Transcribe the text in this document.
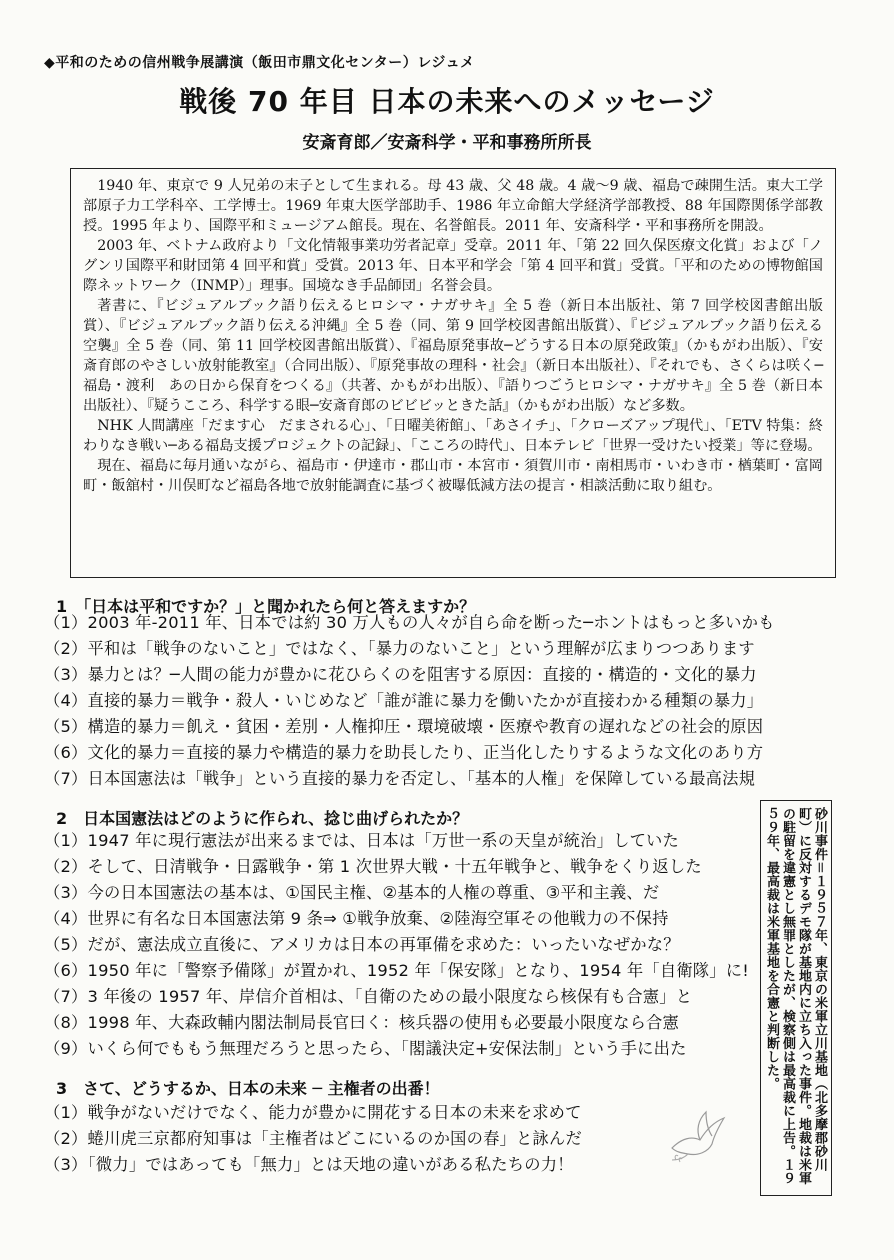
◆平和のための信州戦争展講演（飯田市鼎文化センター）レジュメ
戦後 70 年目 日本の未来へのメッセージ
安斎育郎／安斎科学・平和事務所所長

1940 年、東京で 9 人兄弟の末子として生まれる。母 43 歳、父 48 歳。4 歳〜9 歳、福島で疎開生活。東大工学部原子力工学科卒、工学博士。1969 年東大医学部助手、1986 年立命館大学経済学部教授、88 年国際関係学部教授。1995 年より、国際平和ミュージアム館長。現在、名誉館長。2011 年、安斎科学・平和事務所を開設。

2003 年、ベトナム政府より「文化情報事業功労者記章」受章。2011 年、「第 22 回久保医療文化賞」および「ノグンリ国際平和財団第 4 回平和賞」受賞。2013 年、日本平和学会「第 4 回平和賞」受賞。「平和のための博物館国際ネットワーク（INMP）」理事。国境なき手品師団」名誉会員。

著書に、『ビジュアルブック語り伝えるヒロシマ・ナガサキ』全 5 巻（新日本出版社、第 7 回学校図書館出版賞）、『ビジュアルブック語り伝える沖縄』全 5 巻（同、第 9 回学校図書館出版賞）、『ビジュアルブック語り伝える空襲』全 5 巻（同、第 11 回学校図書館出版賞）、『福島原発事故─どうする日本の原発政策』（かもがわ出版）、『安斎育郎のやさしい放射能教室』（合同出版）、『原発事故の理科・社会』（新日本出版社）、『それでも、さくらは咲く─福島・渡利　あの日から保育をつくる』（共著、かもがわ出版）、『語りつごうヒロシマ・ナガサキ』全 5 巻（新日本出版社）、『疑うこころ、科学する眼─安斎育郎のビビビッときた話』（かもがわ出版）など多数。

NHK 人間講座「だます心　だまされる心」、「日曜美術館」、「あさイチ」、「クローズアップ現代」、「ETV 特集：終わりなき戦い─ある福島支援プロジェクトの記録」、「こころの時代」、日本テレビ「世界一受けたい授業」等に登場。

現在、福島に毎月通いながら、福島市・伊達市・郡山市・本宮市・須賀川市・南相馬市・いわき市・楢葉町・富岡町・飯舘村・川俣町など福島各地で放射能調査に基づく被曝低減方法の提言・相談活動に取り組む。

1　「日本は平和ですか？」と聞かれたら何と答えますか？
（1）2003 年-2011 年、日本では約 30 万人もの人々が自ら命を断った─ホントはもっと多いかも
（2）平和は「戦争のないこと」ではなく、「暴力のないこと」という理解が広まりつつあります
（3）暴力とは？─人間の能力が豊かに花ひらくのを阻害する原因：直接的・構造的・文化的暴力
（4）直接的暴力＝戦争・殺人・いじめなど「誰が誰に暴力を働いたかが直接わかる種類の暴力」
（5）構造的暴力＝飢え・貧困・差別・人権抑圧・環境破壊・医療や教育の遅れなどの社会的原因
（6）文化的暴力＝直接的暴力や構造的暴力を助長したり、正当化したりするような文化のあり方
（7）日本国憲法は「戦争」という直接的暴力を否定し、「基本的人権」を保障している最高法規
2　日本国憲法はどのように作られ、捻じ曲げられたか？
（1）1947 年に現行憲法が出来るまでは、日本は「万世一系の天皇が統治」していた
（2）そして、日清戦争・日露戦争・第 1 次世界大戦・十五年戦争と、戦争をくり返した
（3）今の日本国憲法の基本は、①国民主権、②基本的人権の尊重、③平和主義、だ
（4）世界に有名な日本国憲法第 9 条⇒ ①戦争放棄、②陸海空軍その他戦力の不保持
（5）だが、憲法成立直後に、アメリカは日本の再軍備を求めた：いったいなぜかな？
（6）1950 年に「警察予備隊」が置かれ、1952 年「保安隊」となり、1954 年「自衛隊」に!
（7）3 年後の 1957 年、岸信介首相は、「自衛のための最小限度なら核保有も合憲」と
（8）1998 年、大森政輔内閣法制局長官曰く：核兵器の使用も必要最小限度なら合憲
（9）いくら何でももう無理だろうと思ったら、「閣議決定+安保法制」という手に出た
3　さて、どうするか、日本の未来 ─ 主権者の出番！
（1）戦争がないだけでなく、能力が豊かに開花する日本の未来を求めて
（2）蜷川虎三京都府知事は「主権者はどこにいるのか国の春」と詠んだ
（3）「微力」ではあっても「無力」とは天地の違いがある私たちの力！	砂川事件＝１９５７年、東京の米軍立川基地（北多摩郡砂川町）に反対するデモ隊が基地内に立ち入った事件。地裁は米軍の駐留を違憲とし無罪としたが、検察側は最高裁に上告。１９５９年、最高裁は米軍基地を合憲と判断した。
